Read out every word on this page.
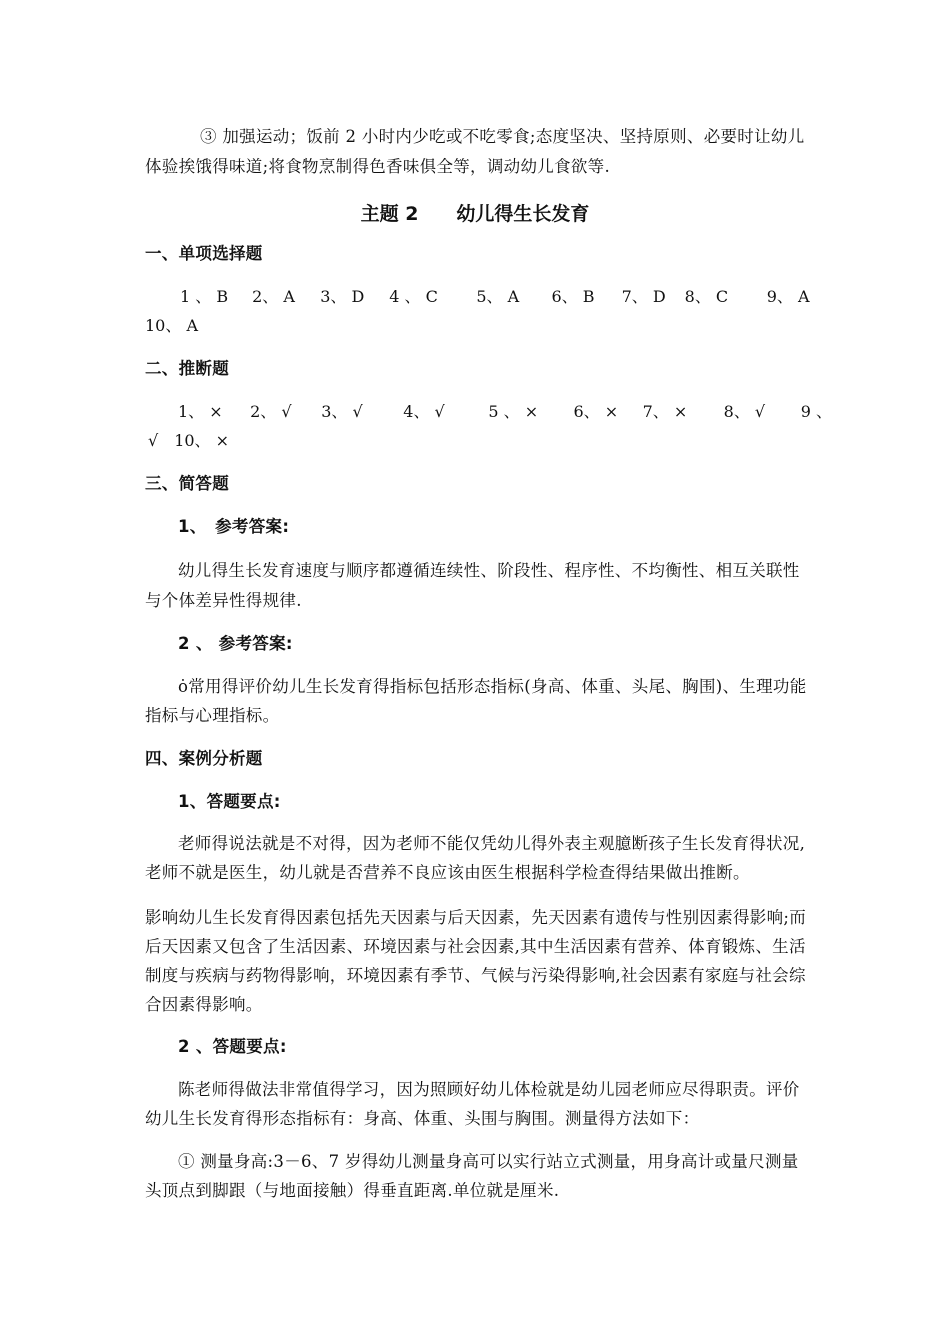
③ 加强运动；饭前 2 小时内少吃或不吃零食;态度坚决、坚持原则、必要时让幼儿
体验挨饿得味道;将食物烹制得色香味俱全等，调动幼儿食欲等.
主题 2　　幼儿得生长发育
一、单项选择题
1 、 B 2、 A 3、 D 4 、 C 5、 A 6、 B 7、 D 8、 C 9、 A
10、 A
二、推断题
1、 × 2、 √ 3、 √	4、 √	5 、 × 6、 × 7、 × 8、 √ 9 、
√　10、 ×
三、简答题
1、　参考答案:
幼儿得生长发育速度与顺序都遵循连续性、阶段性、程序性、不均衡性、相互关联性
与个体差异性得规律.
2 、 参考答案:
ȯ常用得评价幼儿生长发育得指标包括形态指标(身高、体重、头尾、胸围)、生理功能
指标与心理指标。
四、案例分析题
1、答题要点:
老师得说法就是不对得，因为老师不能仅凭幼儿得外表主观臆断孩子生长发育得状况,
老师不就是医生，幼儿就是否营养不良应该由医生根据科学检查得结果做出推断。
影响幼儿生长发育得因素包括先天因素与后天因素，先天因素有遗传与性别因素得影响;而
后天因素又包含了生活因素、环境因素与社会因素,其中生活因素有营养、体育锻炼、生活
制度与疾病与药物得影响，环境因素有季节、气候与污染得影响,社会因素有家庭与社会综
合因素得影响。
2 、答题要点:
陈老师得做法非常值得学习，因为照顾好幼儿体检就是幼儿园老师应尽得职责。评价
幼儿生长发育得形态指标有：身高、体重、头围与胸围。测量得方法如下：
① 测量身高:3－6、7 岁得幼儿测量身高可以实行站立式测量，用身高计或量尺测量
头顶点到脚跟（与地面接触）得垂直距离.单位就是厘米.
